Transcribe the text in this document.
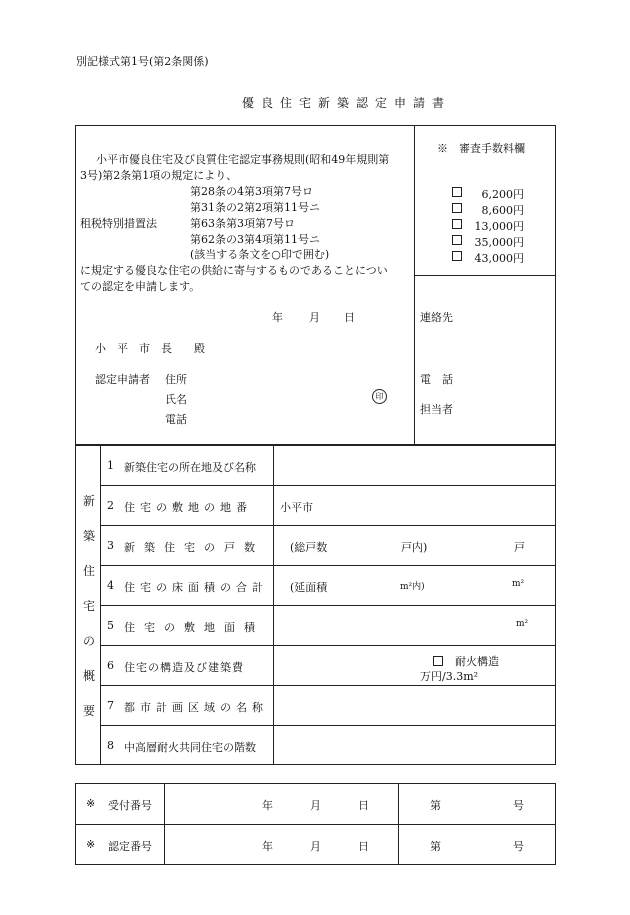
別記様式第1号(第2条関係)
優良住宅新築認定申請書
小平市優良住宅及び良質住宅認定事務規則(昭和49年規則第
3号)第2条第1項の規定により、
第28条の4第3項第7号ロ
第31条の2第2項第11号ニ
租税特別措置法	第63条第3項第7号ロ
第62条の3第4項第11号ニ
(該当する条文を○印で囲む)
に規定する優良な住宅の供給に寄与するものであることについ
ての認定を申請します。
年 月 日
小　平　市　長　　殿
認定申請者 住所
氏名	印
電話
※　審査手数料欄
6,200円
8,600円
13,000円
35,000円
43,000円
連絡先
電　話
担当者
新
築
住
宅
の
概
要
1 新築住宅の所在地及び名称
2 住宅の敷地の地番	小平市
3 新築住宅の戸数 (総戸数	戸内)	戸
4 住宅の床面積の合計 (延面積	m²内)	m²
5 住宅の敷地面積	m²
6 住宅の構造及び建築費	耐火構造
万円/3.3m²
7 都市計画区域の名称
8 中高層耐火共同住宅の階数
※ 受付番号	年	月	日	第	号
※ 認定番号	年	月	日	第	号
